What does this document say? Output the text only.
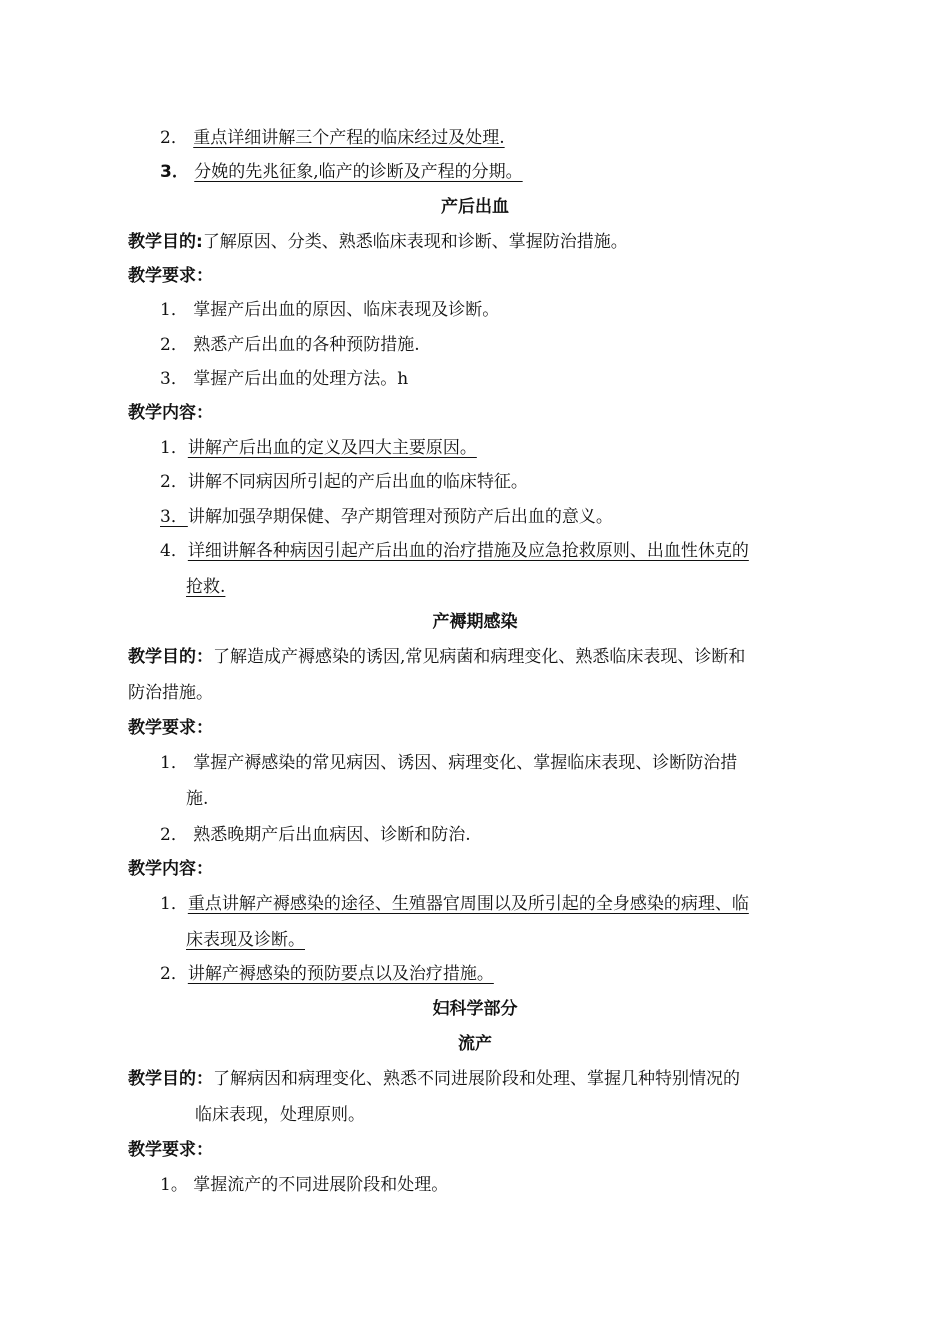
2． 重点详细讲解三个产程的临床经过及处理.
3． 分娩的先兆征象,临产的诊断及产程的分期。
产后出血
教学目的:了解原因、分类、熟悉临床表现和诊断、掌握防治措施。
教学要求：
1． 掌握产后出血的原因、临床表现及诊断。
2． 熟悉产后出血的各种预防措施.
3． 掌握产后出血的处理方法。h
教学内容：
1．讲解产后出血的定义及四大主要原因。
2．讲解不同病因所引起的产后出血的临床特征。
3．讲解加强孕期保健、孕产期管理对预防产后出血的意义。
4．详细讲解各种病因引起产后出血的治疗措施及应急抢救原则、出血性休克的
抢救.
产褥期感染
教学目的：了解造成产褥感染的诱因,常见病菌和病理变化、熟悉临床表现、诊断和
防治措施。
教学要求：
1． 掌握产褥感染的常见病因、诱因、病理变化、掌握临床表现、诊断防治措
施.
2． 熟悉晚期产后出血病因、诊断和防治.
教学内容：
1．重点讲解产褥感染的途径、生殖器官周围以及所引起的全身感染的病理、临
床表现及诊断。
2．讲解产褥感染的预防要点以及治疗措施。
妇科学部分
流产
教学目的：了解病因和病理变化、熟悉不同进展阶段和处理、掌握几种特别情况的
临床表现，处理原则。
教学要求：
1。 掌握流产的不同进展阶段和处理。
